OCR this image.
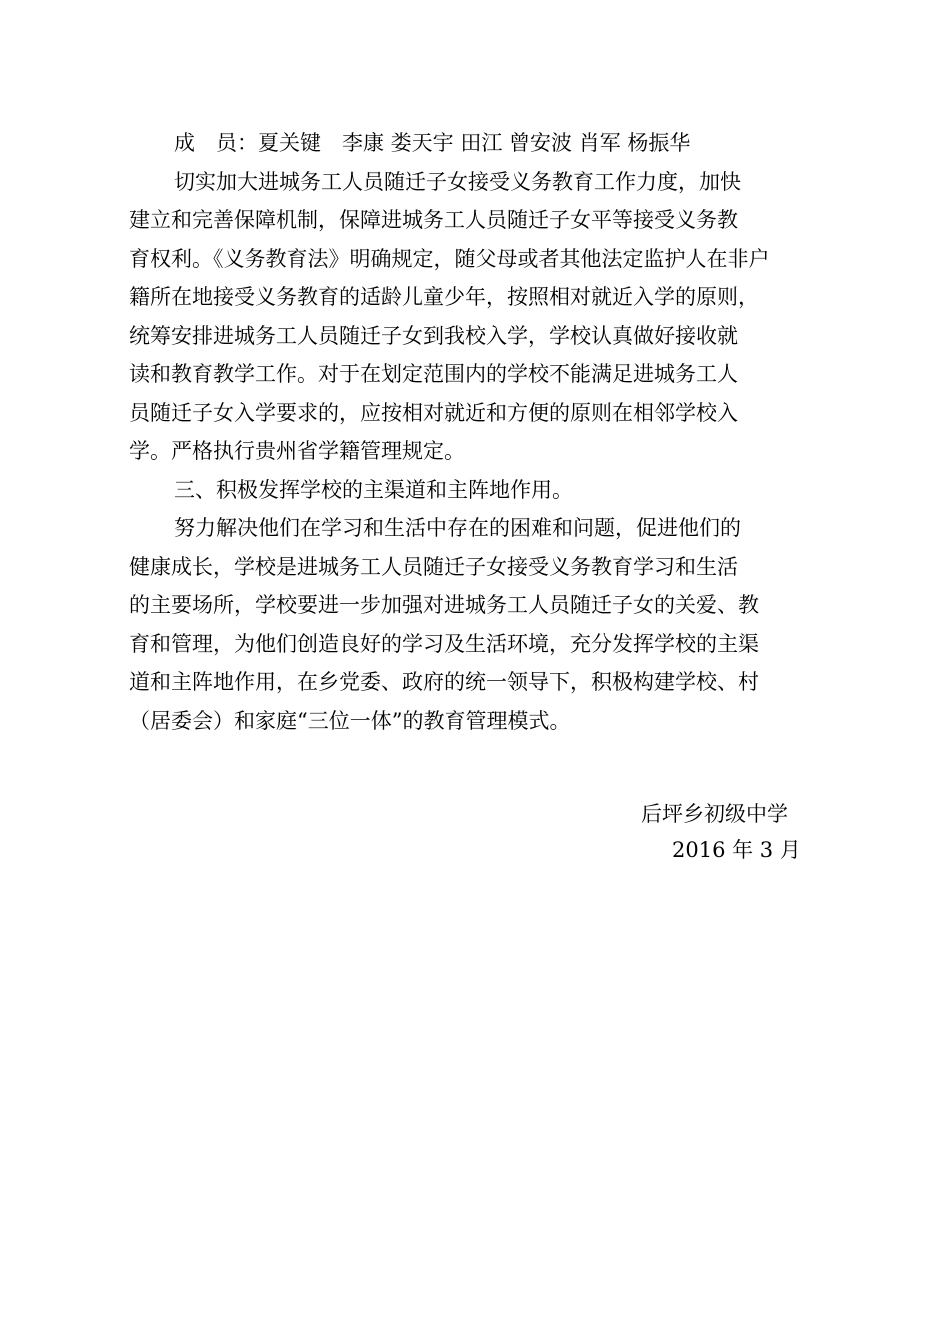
成　员：夏关键　李康 娄天宇 田江 曾安波 肖军 杨振华
切实加大进城务工人员随迁子女接受义务教育工作力度，加快
建立和完善保障机制，保障进城务工人员随迁子女平等接受义务教
育权利。《义务教育法》明确规定，随父母或者其他法定监护人在非户
籍所在地接受义务教育的适龄儿童少年，按照相对就近入学的原则，
统筹安排进城务工人员随迁子女到我校入学，学校认真做好接收就
读和教育教学工作。对于在划定范围内的学校不能满足进城务工人
员随迁子女入学要求的，应按相对就近和方便的原则在相邻学校入
学。严格执行贵州省学籍管理规定。
三、积极发挥学校的主渠道和主阵地作用。
努力解决他们在学习和生活中存在的困难和问题，促进他们的
健康成长，学校是进城务工人员随迁子女接受义务教育学习和生活
的主要场所，学校要进一步加强对进城务工人员随迁子女的关爱、教
育和管理，为他们创造良好的学习及生活环境，充分发挥学校的主渠
道和主阵地作用，在乡党委、政府的统一领导下，积极构建学校、村
（居委会）和家庭“三位一体”的教育管理模式。
后坪乡初级中学
2016 年 3 月
